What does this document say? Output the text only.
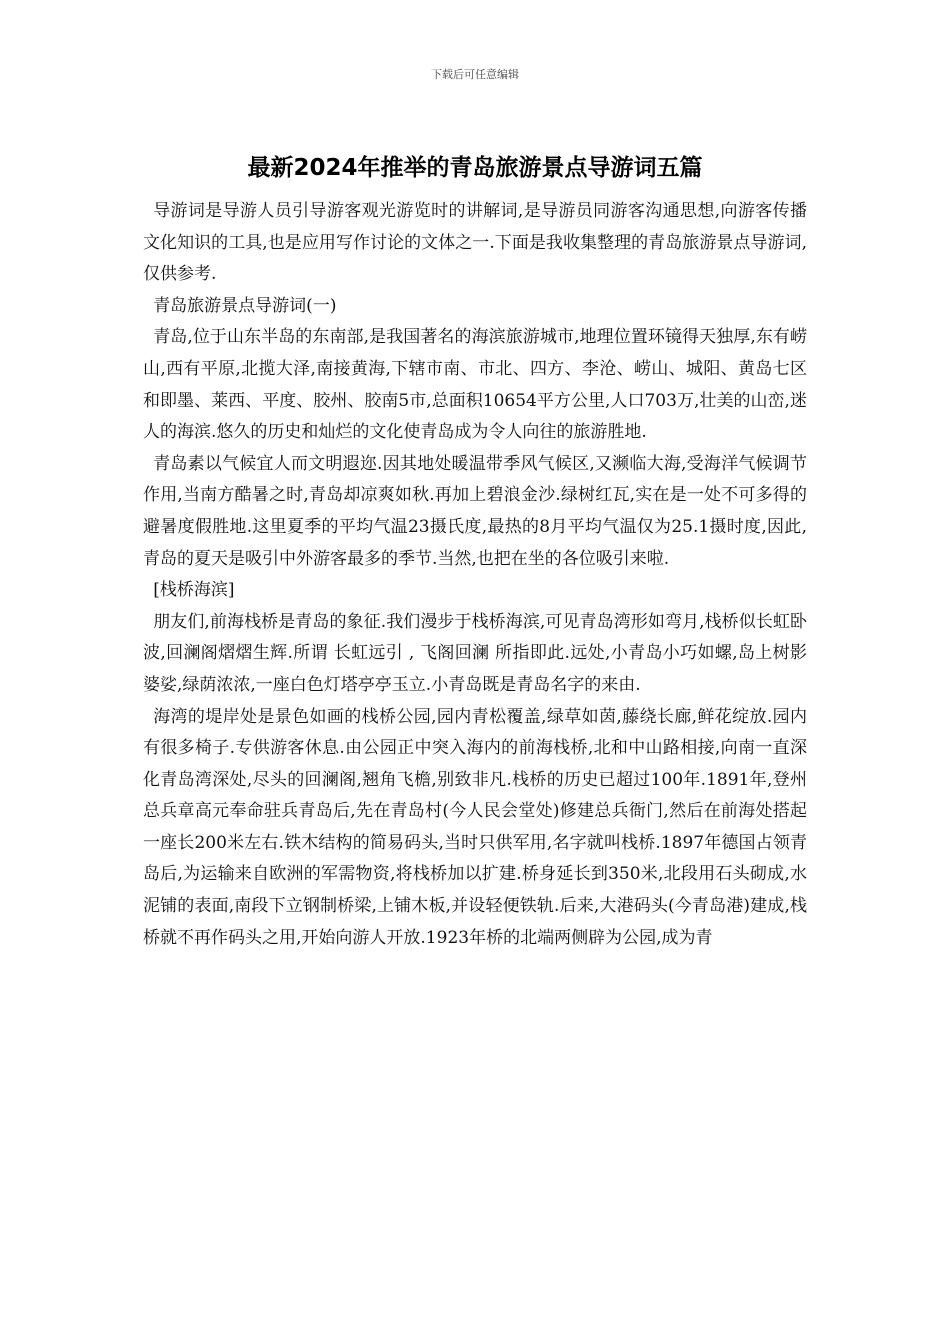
下载后可任意编辑
最新2024年推举的青岛旅游景点导游词五篇

导游词是导游人员引导游客观光游览时的讲解词,是导游员同游客沟通思想,向游客传播文化知识的工具,也是应用写作讨论的文体之一.下面是我收集整理的青岛旅游景点导游词,仅供参考.

青岛旅游景点导游词(一)

青岛,位于山东半岛的东南部,是我国著名的海滨旅游城市,地理位置环镜得天独厚,东有崂山,西有平原,北揽大泽,南接黄海,下辖市南、市北、四方、李沧、崂山、城阳、黄岛七区和即墨、莱西、平度、胶州、胶南5市,总面积10654平方公里,人口703万,壮美的山峦,迷人的海滨.悠久的历史和灿烂的文化使青岛成为令人向往的旅游胜地.

青岛素以气候宜人而文明遐迩.因其地处暖温带季风气候区,又濒临大海,受海洋气候调节作用,当南方酷暑之时,青岛却凉爽如秋.再加上碧浪金沙.绿树红瓦,实在是一处不可多得的避暑度假胜地.这里夏季的平均气温23摄氏度,最热的8月平均气温仅为25.1摄时度,因此,青岛的夏天是吸引中外游客最多的季节.当然,也把在坐的各位吸引来啦.

[栈桥海滨]

朋友们,前海栈桥是青岛的象征.我们漫步于栈桥海滨,可见青岛湾形如弯月,栈桥似长虹卧波,回澜阁熠熠生辉.所谓 长虹远引 , 飞阁回澜 所指即此.远处,小青岛小巧如螺,岛上树影婆娑,绿荫浓浓,一座白色灯塔亭亭玉立.小青岛既是青岛名字的来由.

海湾的堤岸处是景色如画的栈桥公园,园内青松覆盖,绿草如茵,藤绕长廊,鲜花绽放.园内有很多椅子.专供游客休息.由公园正中突入海内的前海栈桥,北和中山路相接,向南一直深化青岛湾深处,尽头的回澜阁,翘角飞檐,别致非凡.栈桥的历史已超过100年.1891年,登州总兵章高元奉命驻兵青岛后,先在青岛村(今人民会堂处)修建总兵衙门,然后在前海处搭起一座长200米左右.铁木结构的简易码头,当时只供军用,名字就叫栈桥.1897年德国占领青岛后,为运输来自欧洲的军需物资,将栈桥加以扩建.桥身延长到350米,北段用石头砌成,水泥铺的表面,南段下立钢制桥梁,上铺木板,并设轻便铁轨.后来,大港码头(今青岛港)建成,栈桥就不再作码头之用,开始向游人开放.1923年桥的北端两侧辟为公园,成为青
